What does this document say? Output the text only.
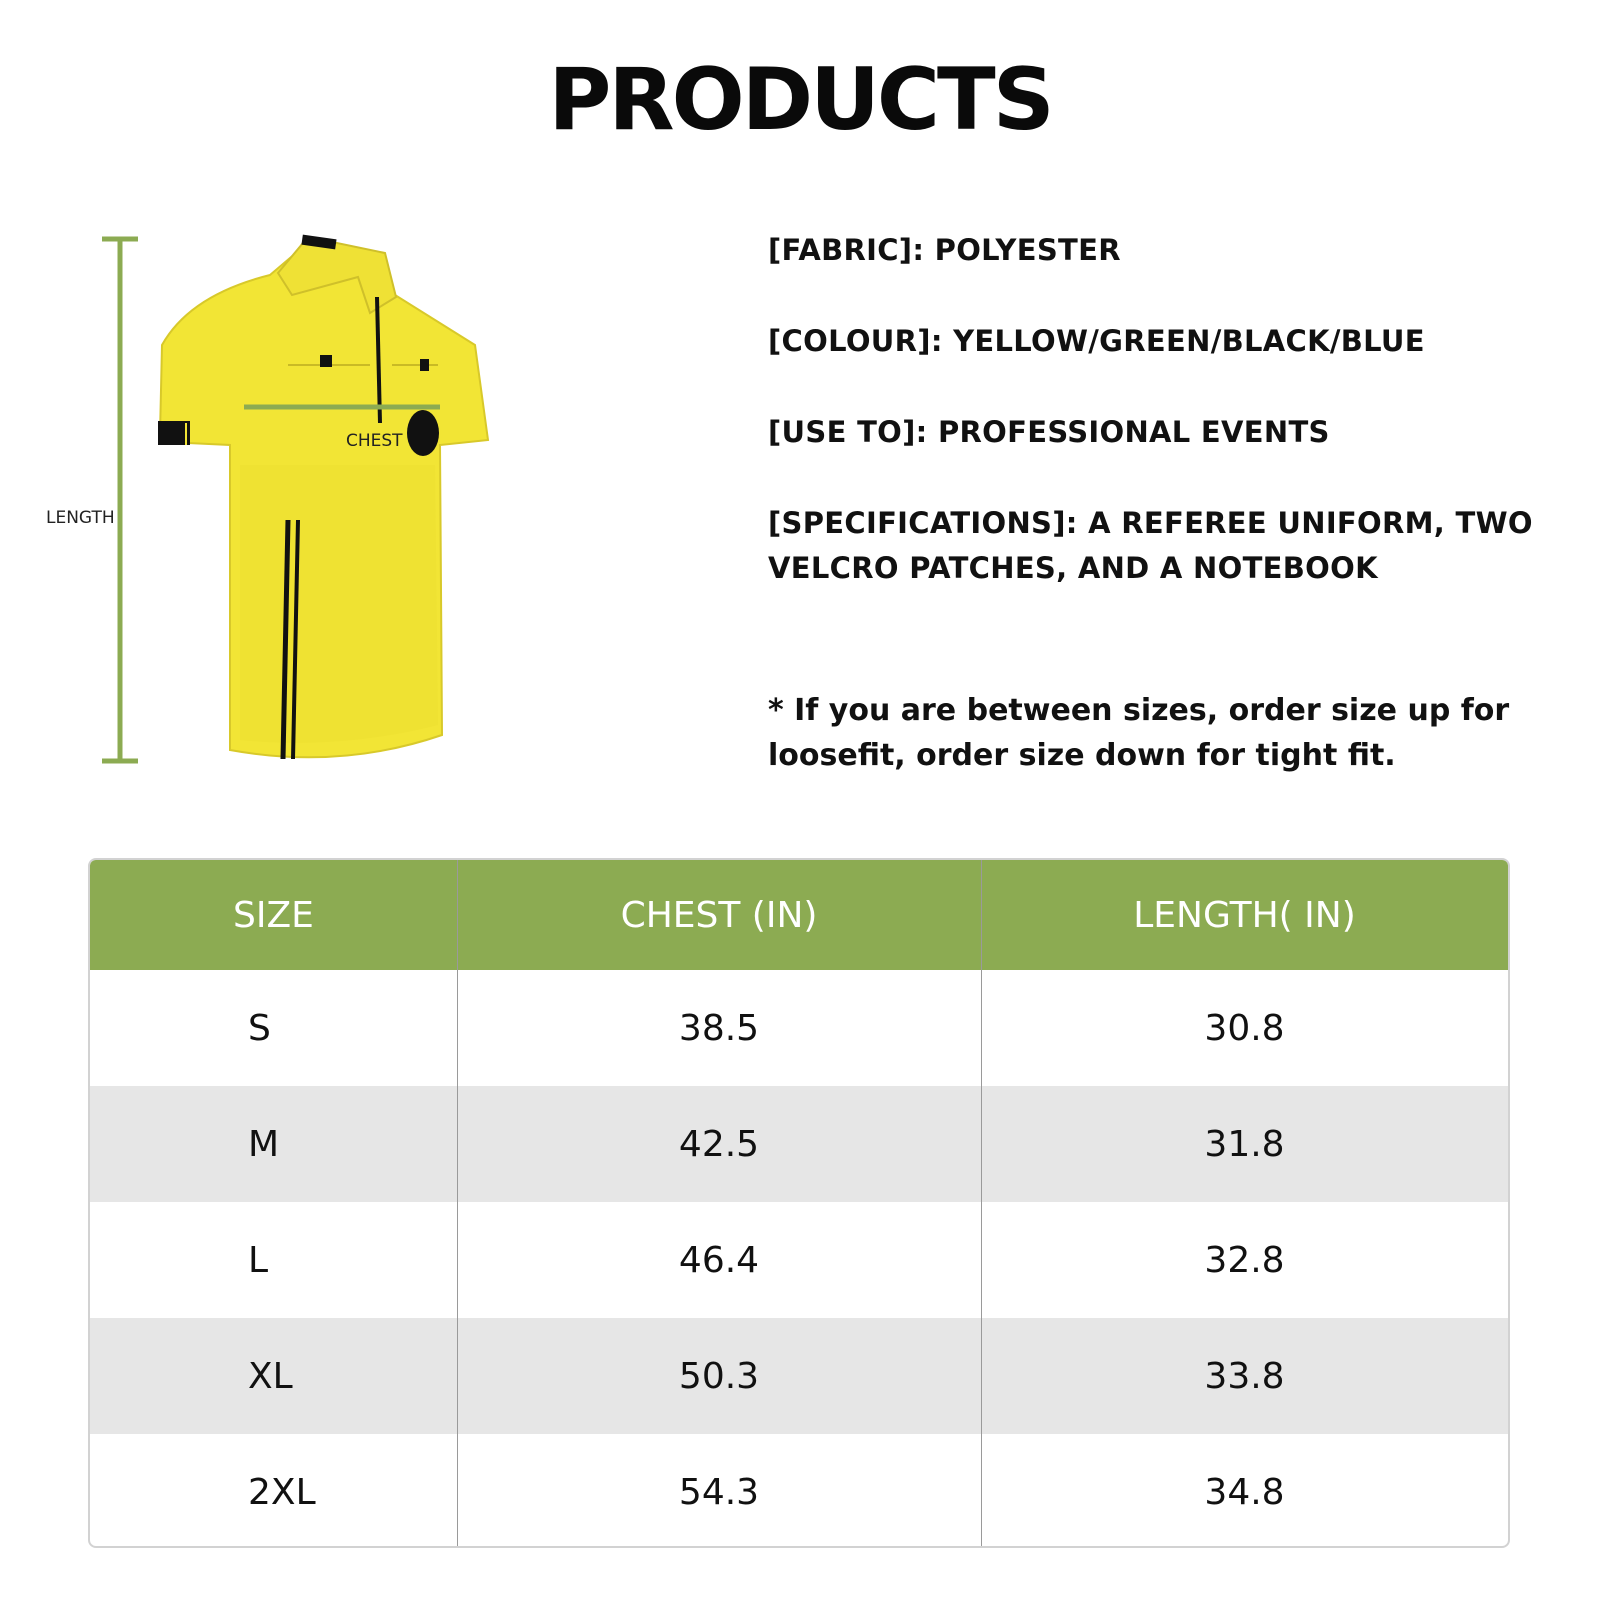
PRODUCTS
LENGTH
CHEST
[FABRIC]: POLYESTER
[COLOUR]: YELLOW/GREEN/BLACK/BLUE
[USE TO]: PROFESSIONAL EVENTS
[SPECIFICATIONS]: A REFEREE UNIFORM, TWO VELCRO PATCHES, AND A NOTEBOOK
* If you are between sizes, order size up for loosefit, order size down for tight fit.
SIZE	CHEST (IN)	LENGTH( IN)
S	38.5	30.8
M	42.5	31.8
L	46.4	32.8
XL	50.3	33.8
2XL	54.3	34.8
